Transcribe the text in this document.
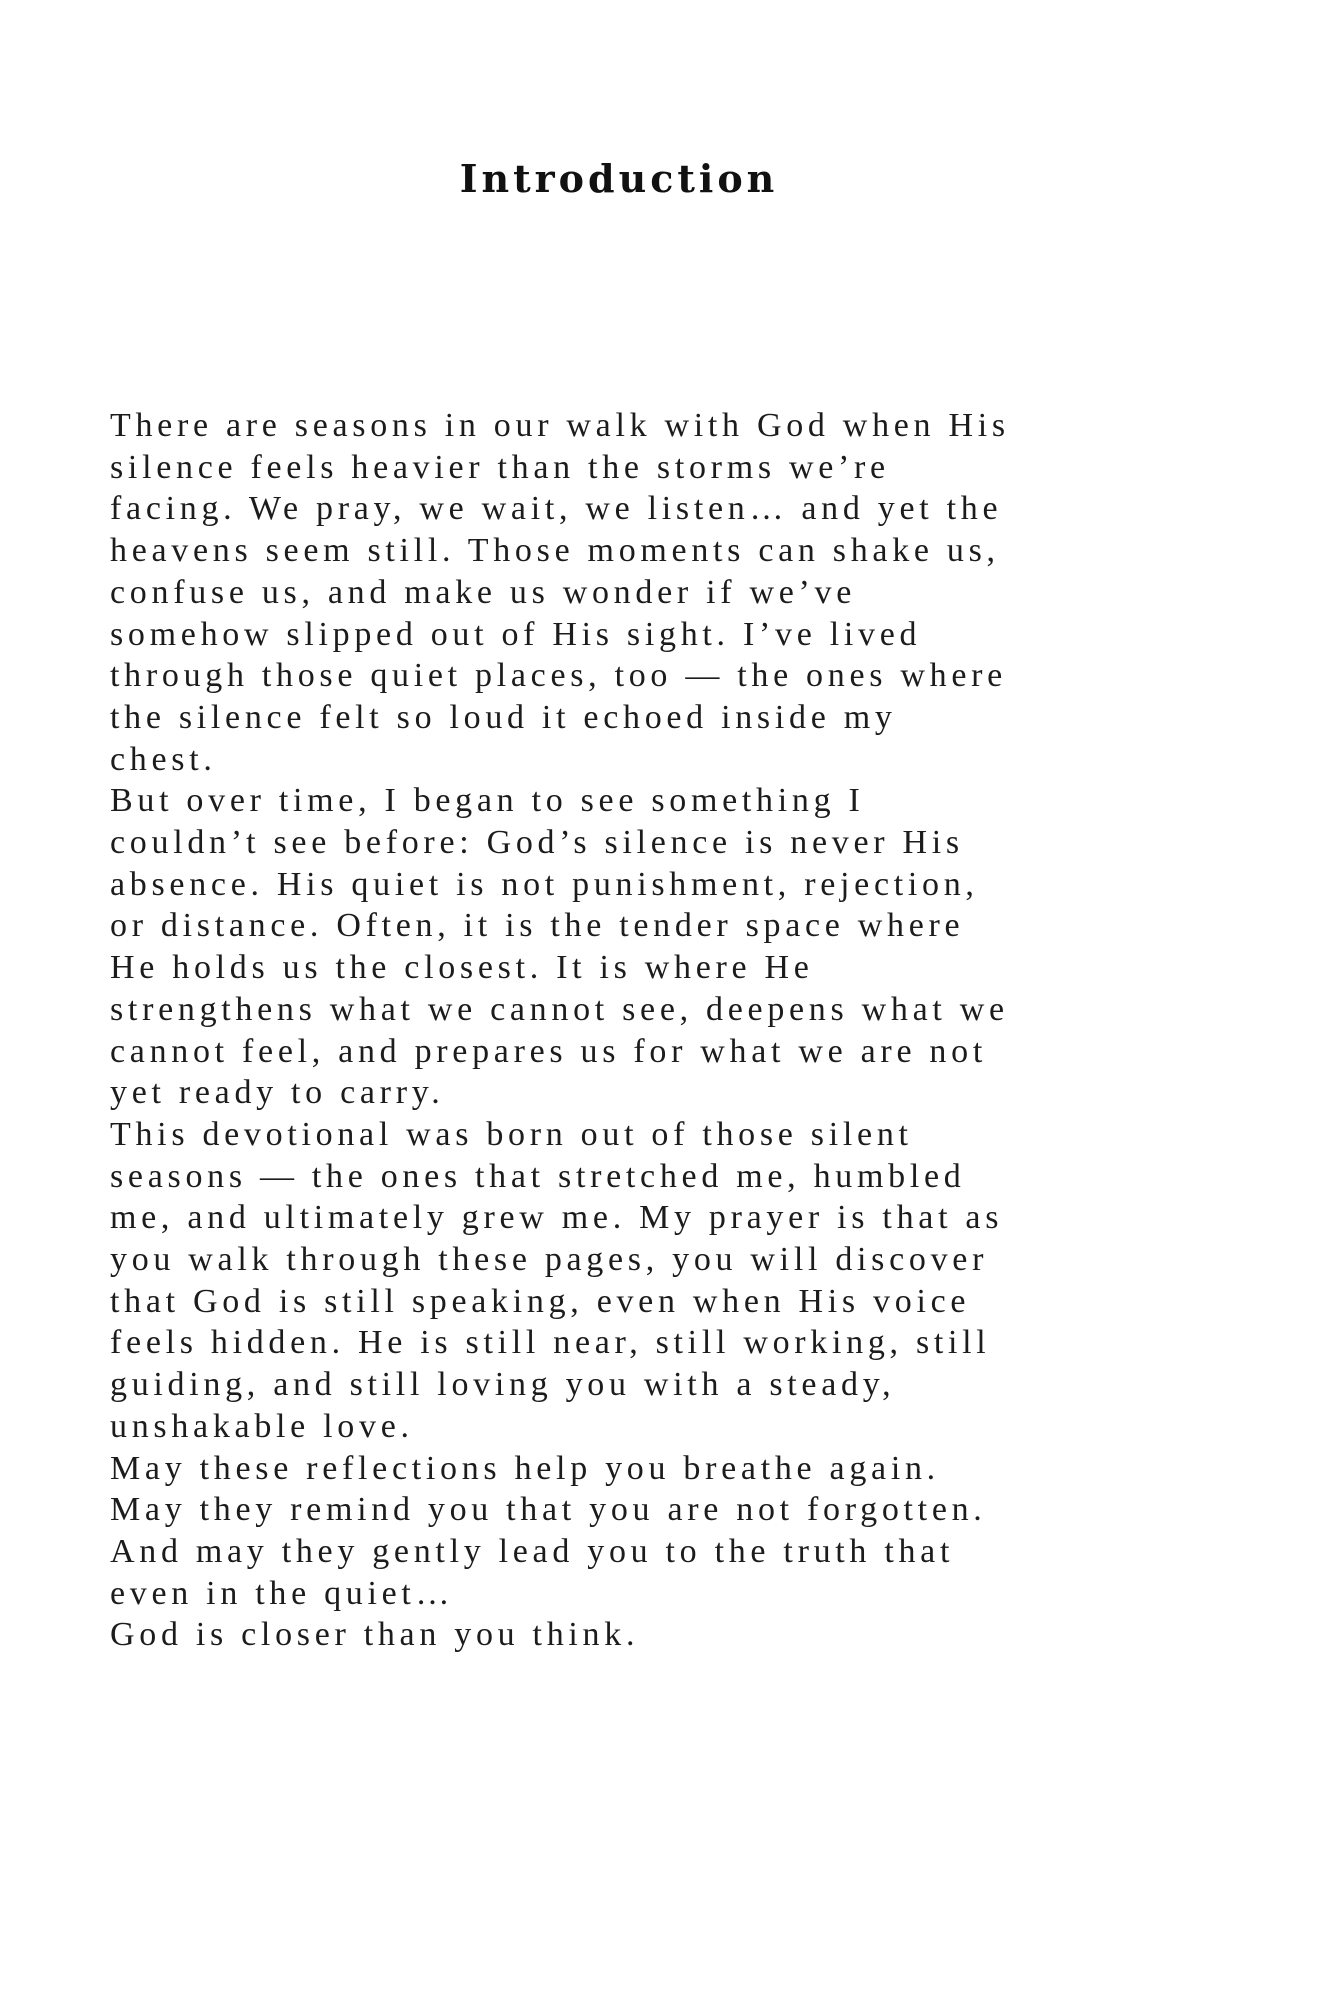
Introduction
There are seasons in our walk with God when His
silence feels heavier than the storms we’re
facing. We pray, we wait, we listen… and yet the
heavens seem still. Those moments can shake us,
confuse us, and make us wonder if we’ve
somehow slipped out of His sight. I’ve lived
through those quiet places, too — the ones where
the silence felt so loud it echoed inside my
chest.
But over time, I began to see something I
couldn’t see before: God’s silence is never His
absence. His quiet is not punishment, rejection,
or distance. Often, it is the tender space where
He holds us the closest. It is where He
strengthens what we cannot see, deepens what we
cannot feel, and prepares us for what we are not
yet ready to carry.
This devotional was born out of those silent
seasons — the ones that stretched me, humbled
me, and ultimately grew me. My prayer is that as
you walk through these pages, you will discover
that God is still speaking, even when His voice
feels hidden. He is still near, still working, still
guiding, and still loving you with a steady,
unshakable love.
May these reflections help you breathe again.
May they remind you that you are not forgotten.
And may they gently lead you to the truth that
even in the quiet…
God is closer than you think.
